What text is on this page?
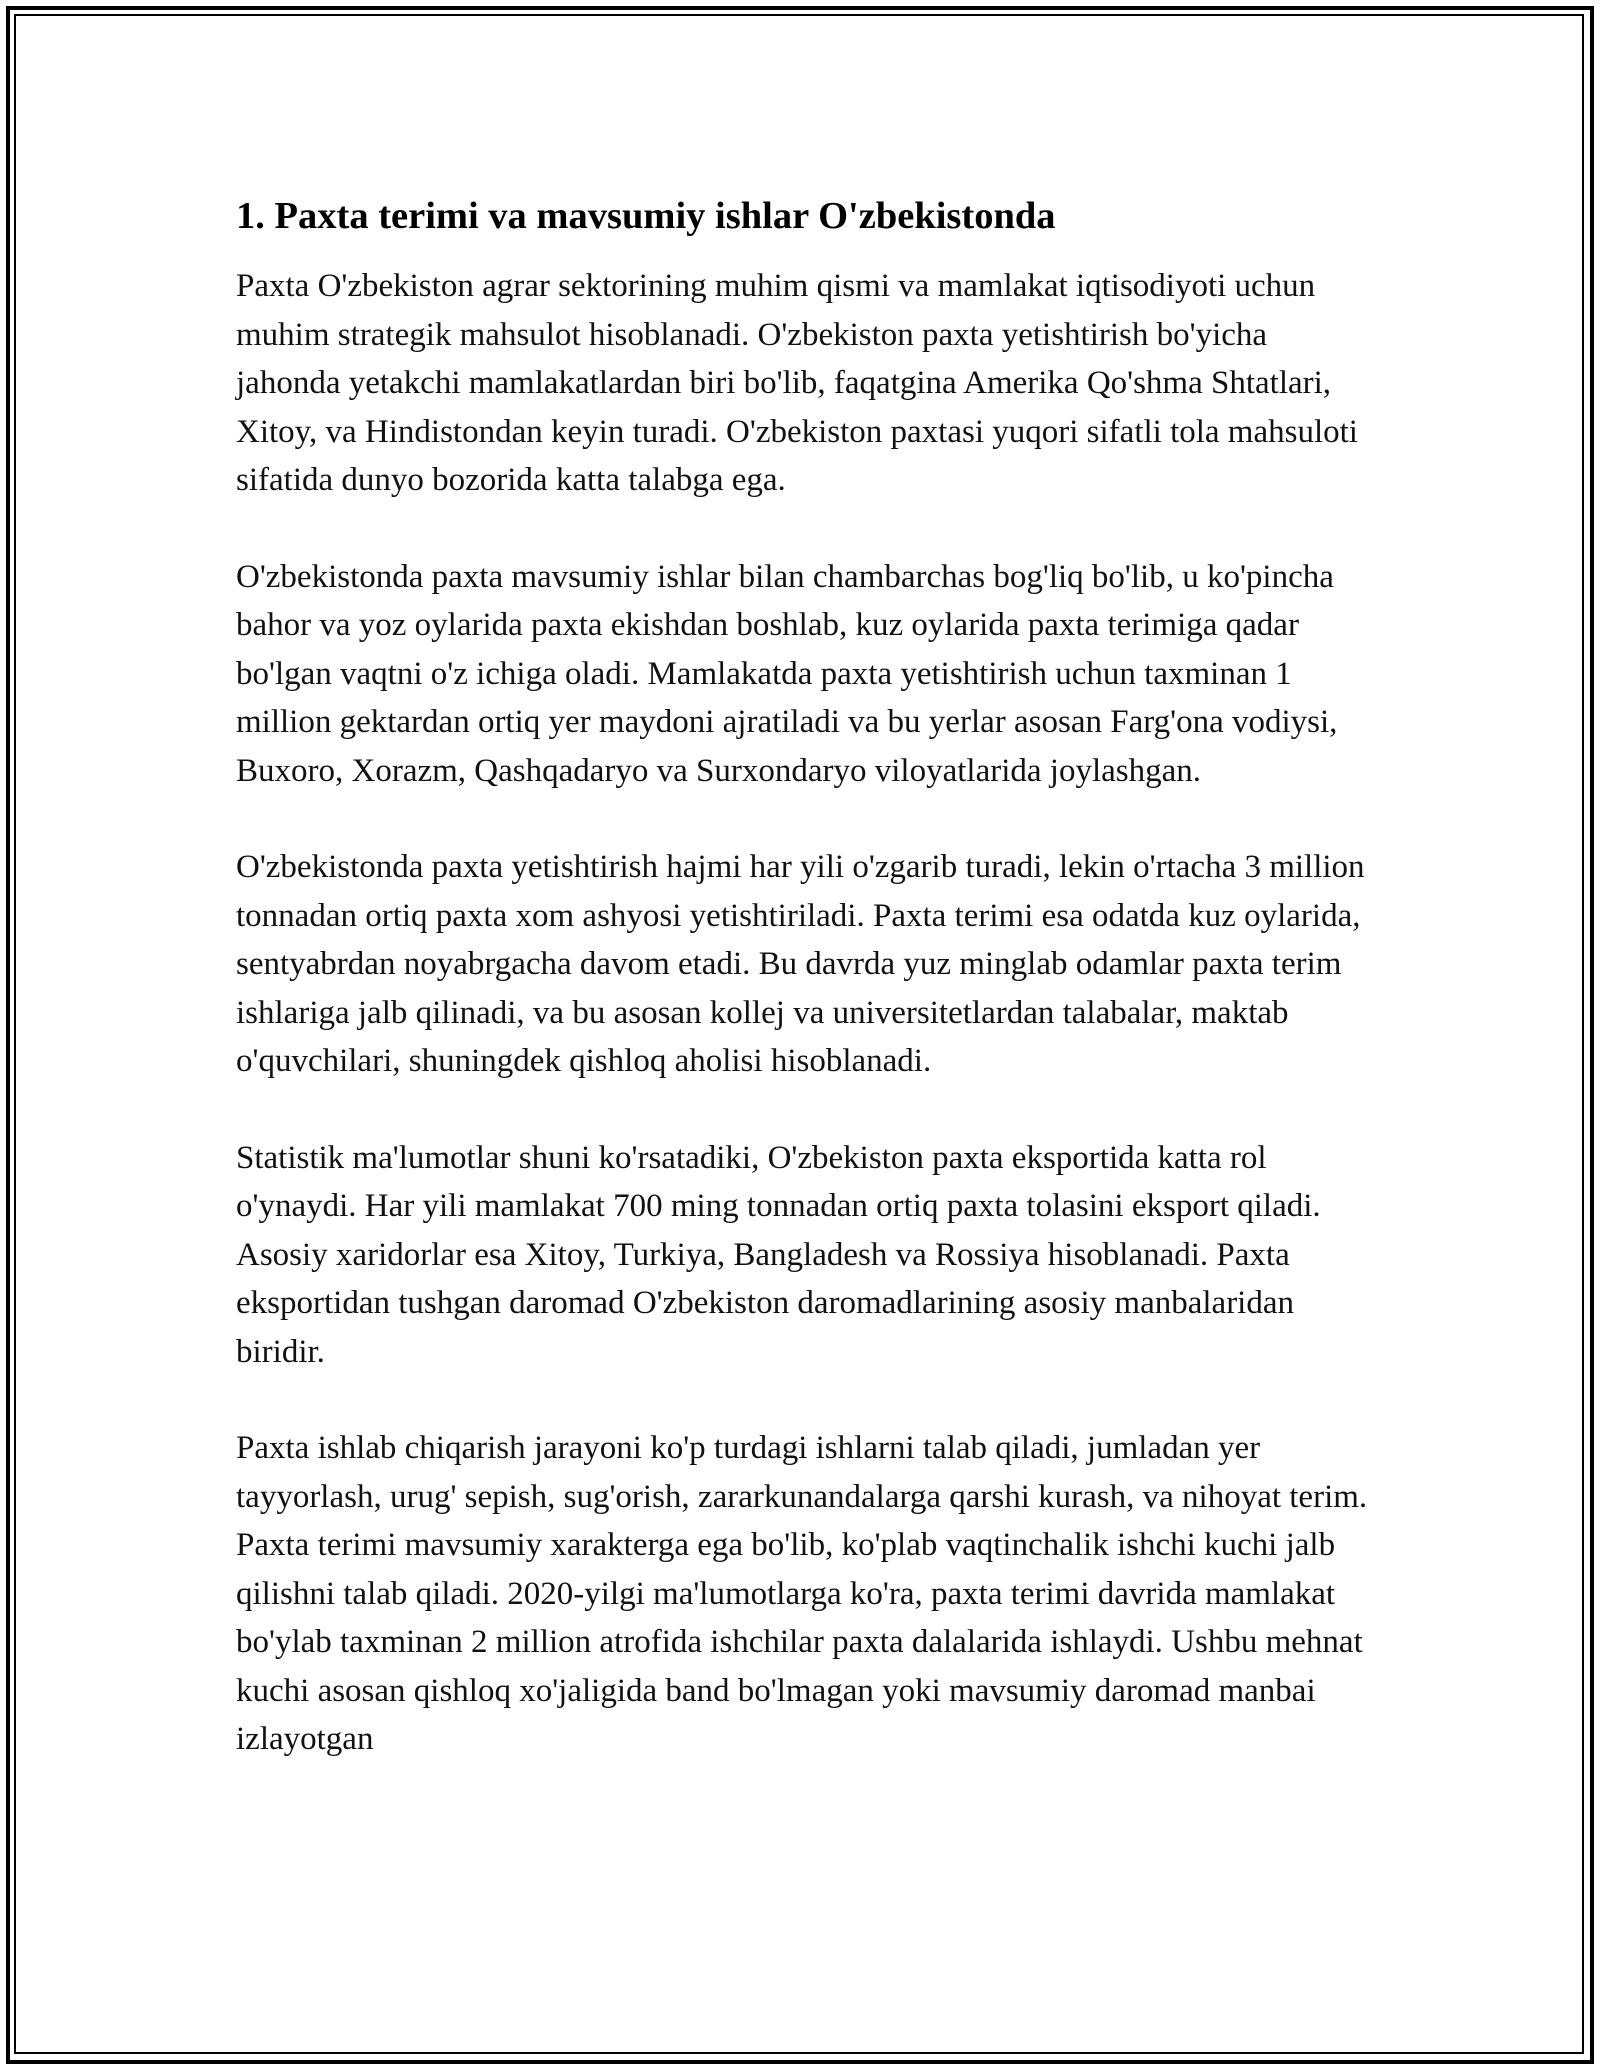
1. Paxta terimi va mavsumiy ishlar O'zbekistonda

Paxta O'zbekiston agrar sektorining muhim qismi va mamlakat iqtisodiyoti uchun muhim strategik mahsulot hisoblanadi. O'zbekiston paxta yetishtirish bo'yicha jahonda yetakchi mamlakatlardan biri bo'lib, faqatgina Amerika Qo'shma Shtatlari, Xitoy, va Hindistondan keyin turadi. O'zbekiston paxtasi yuqori sifatli tola mahsuloti sifatida dunyo bozorida katta talabga ega.

O'zbekistonda paxta mavsumiy ishlar bilan chambarchas bog'liq bo'lib, u ko'pincha bahor va yoz oylarida paxta ekishdan boshlab, kuz oylarida paxta terimiga qadar bo'lgan vaqtni o'z ichiga oladi. Mamlakatda paxta yetishtirish uchun taxminan 1 million gektardan ortiq yer maydoni ajratiladi va bu yerlar asosan Farg'ona vodiysi, Buxoro, Xorazm, Qashqadaryo va Surxondaryo viloyatlarida joylashgan.

O'zbekistonda paxta yetishtirish hajmi har yili o'zgarib turadi, lekin o'rtacha 3 million tonnadan ortiq paxta xom ashyosi yetishtiriladi. Paxta terimi esa odatda kuz oylarida, sentyabrdan noyabrgacha davom etadi. Bu davrda yuz minglab odamlar paxta terim ishlariga jalb qilinadi, va bu asosan kollej va universitetlardan talabalar, maktab o'quvchilari, shuningdek qishloq aholisi hisoblanadi.

Statistik ma'lumotlar shuni ko'rsatadiki, O'zbekiston paxta eksportida katta rol o'ynaydi. Har yili mamlakat 700 ming tonnadan ortiq paxta tolasini eksport qiladi. Asosiy xaridorlar esa Xitoy, Turkiya, Bangladesh va Rossiya hisoblanadi. Paxta eksportidan tushgan daromad O'zbekiston daromadlarining asosiy manbalaridan biridir.

Paxta ishlab chiqarish jarayoni ko'p turdagi ishlarni talab qiladi, jumladan yer tayyorlash, urug' sepish, sug'orish, zararkunandalarga qarshi kurash, va nihoyat terim. Paxta terimi mavsumiy xarakterga ega bo'lib, ko'plab vaqtinchalik ishchi kuchi jalb qilishni talab qiladi. 2020-yilgi ma'lumotlarga ko'ra, paxta terimi davrida mamlakat bo'ylab taxminan 2 million atrofida ishchilar paxta dalalarida ishlaydi. Ushbu mehnat kuchi asosan qishloq xo'jaligida band bo'lmagan yoki mavsumiy daromad manbai izlayotgan
